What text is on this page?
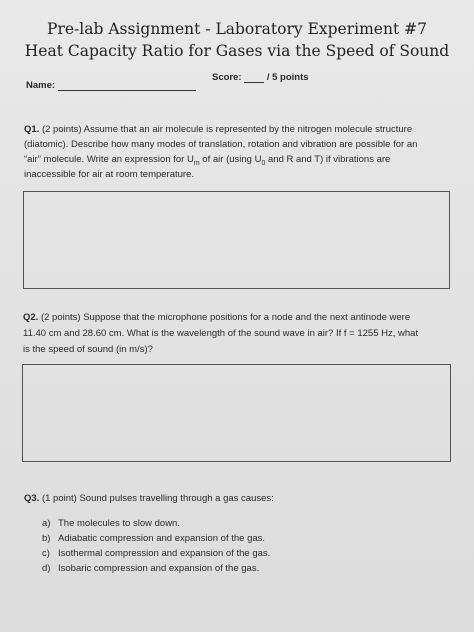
Pre-lab Assignment - Laboratory Experiment #7
Heat Capacity Ratio for Gases via the Speed of Sound
Name:
Score:	/ 5 points
Q1. (2 points) Assume that an air molecule is represented by the nitrogen molecule structure
(diatomic). Describe how many modes of translation, rotation and vibration are possible for an
“air” molecule. Write an expression for $U_m$ of air (using $U_0$ and R and T) if vibrations are
inaccessible for air at room temperature.
Q2. (2 points) Suppose that the microphone positions for a node and the next antinode were
11.40 cm and 28.60 cm. What is the wavelength of the sound wave in air? If f = 1255 Hz, what
is the speed of sound (in m/s)?
Q3. (1 point) Sound pulses travelling through a gas causes:
a) The molecules to slow down.
b) Adiabatic compression and expansion of the gas.
c) Isothermal compression and expansion of the gas.
d) Isobaric compression and expansion of the gas.
